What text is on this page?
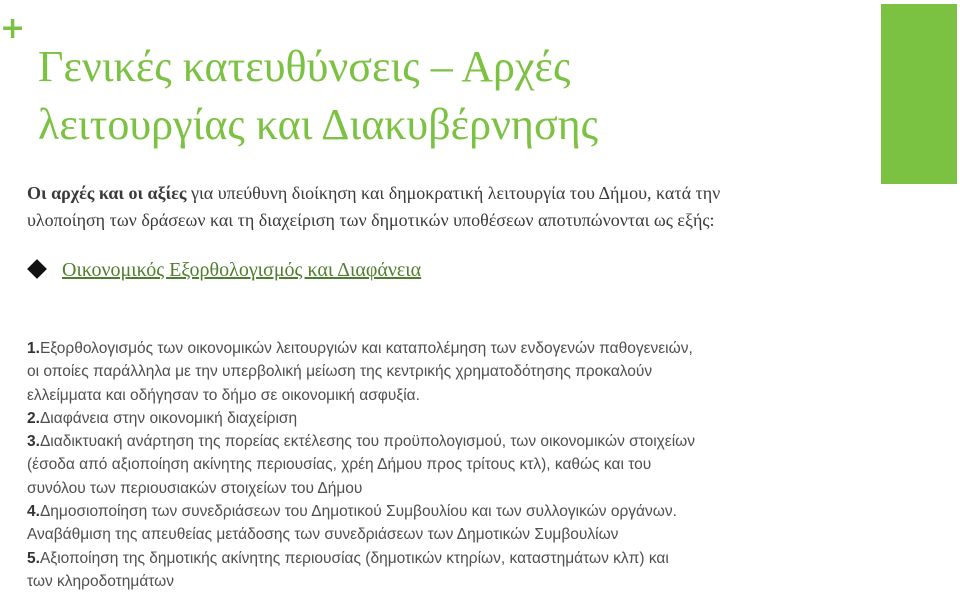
+
Γενικές κατευθύνσεις – Αρχές
λειτουργίας και Διακυβέρνησης
Οι αρχές και οι αξίες για υπεύθυνη διοίκηση και δημοκρατική λειτουργία του Δήμου, κατά την
υλοποίηση των δράσεων και τη διαχείριση των δημοτικών υποθέσεων αποτυπώνονται ως εξής:
Οικονομικός Εξορθολογισμός και Διαφάνεια

1.Εξορθολογισμός των οικονομικών λειτουργιών και καταπολέμηση των ενδογενών παθογενειών,
οι οποίες παράλληλα με την υπερβολική μείωση της κεντρικής χρηματοδότησης προκαλούν
ελλείμματα και οδήγησαν το δήμο σε οικονομική ασφυξία.

2.Διαφάνεια στην οικονομική διαχείριση

3.Διαδικτυακή ανάρτηση της πορείας εκτέλεσης του προϋπολογισμού, των οικονομικών στοιχείων
(έσοδα από αξιοποίηση ακίνητης περιουσίας, χρέη Δήμου προς τρίτους κτλ), καθώς και του
συνόλου των περιουσιακών στοιχείων του Δήμου

4.Δημοσιοποίηση των συνεδριάσεων του Δημοτικού Συμβουλίου και των συλλογικών οργάνων.
Αναβάθμιση της απευθείας μετάδοσης των συνεδριάσεων των Δημοτικών Συμβουλίων

5.Αξιοποίηση της δημοτικής ακίνητης περιουσίας (δημοτικών κτηρίων, καταστημάτων κλπ) και
των κληροδοτημάτων
